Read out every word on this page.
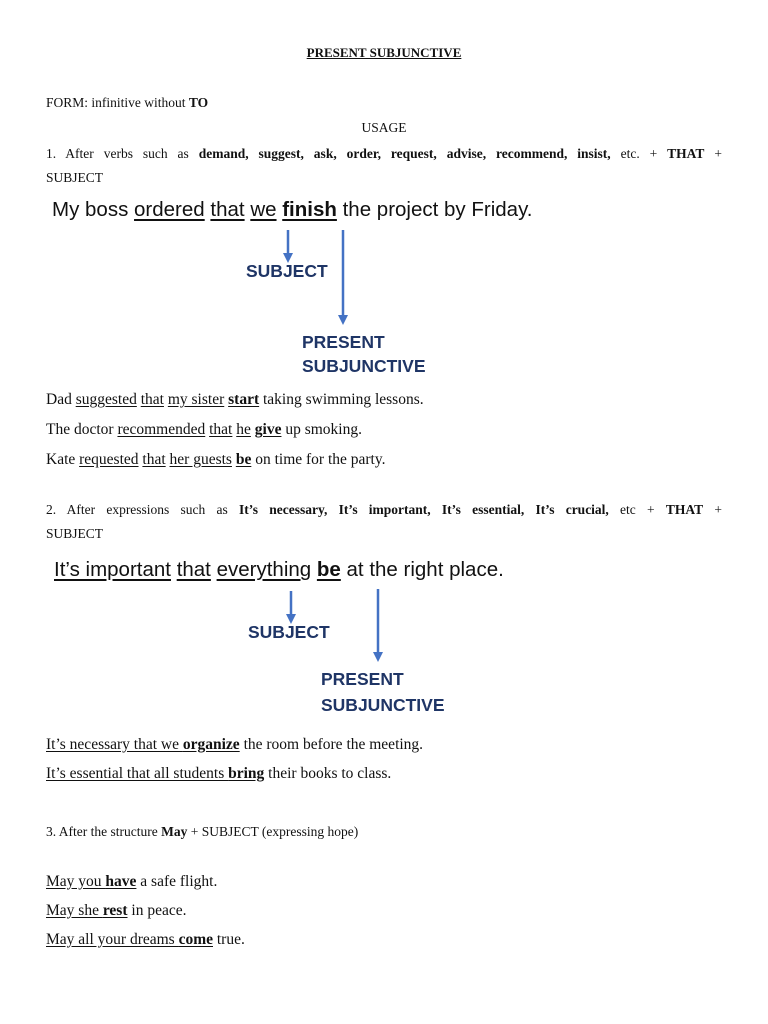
PRESENT SUBJUNCTIVE
FORM: infinitive without TO
USAGE
1. After verbs such as demand, suggest, ask, order, request, advise, recommend, insist, etc. + THAT +
SUBJECT
My boss ordered that we finish the project by Friday.
SUBJECT
PRESENT
SUBJUNCTIVE
Dad suggested that my sister start taking swimming lessons.
The doctor recommended that he give up smoking.
Kate requested that her guests be on time for the party.
2. After expressions such as It’s necessary, It’s important, It’s essential, It’s crucial, etc + THAT +
SUBJECT
It’s important that everything be at the right place.
SUBJECT
PRESENT
SUBJUNCTIVE
It’s necessary that we organize the room before the meeting.
It’s essential that all students bring their books to class.
3. After the structure May + SUBJECT (expressing hope)
May you have a safe flight.
May she rest in peace.
May all your dreams come true.
